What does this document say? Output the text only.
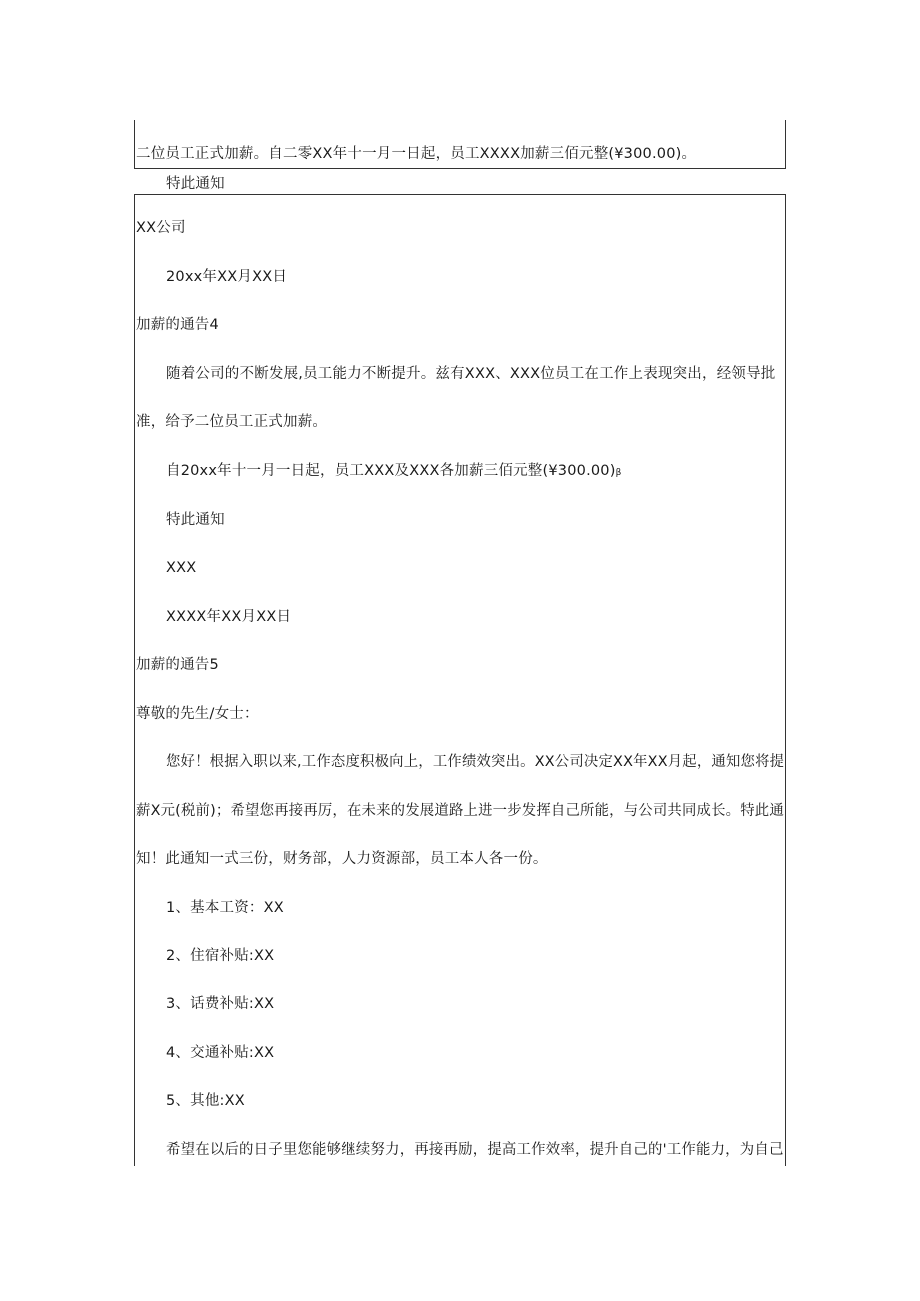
二位员工正式加薪。自二零XX年十一月一日起，员工XXXX加薪三佰元整(¥300.00)。
特此通知
XX公司
20xx年XX月XX日
加薪的通告4
随着公司的不断发展,员工能力不断提升。兹有XXX、XXX位员工在工作上表现突出，经领导批
准，给予二位员工正式加薪。
自20xx年十一月一日起，员工XXX及XXX各加薪三佰元整(¥300.00)β
特此通知
XXX
XXXX年XX月XX日
加薪的通告5
尊敬的先生/女士：
您好！根据入职以来,工作态度积极向上，工作绩效突出。XX公司决定XX年XX月起，通知您将提
薪X元(税前)；希望您再接再厉，在未来的发展道路上进一步发挥自己所能，与公司共同成长。特此通
知！此通知一式三份，财务部，人力资源部，员工本人各一份。
1、基本工资：XX
2、住宿补贴:XX
3、话费补贴:XX
4、交通补贴:XX
5、其他:XX
希望在以后的日子里您能够继续努力，再接再励，提高工作效率，提升自己的'工作能力，为自己
